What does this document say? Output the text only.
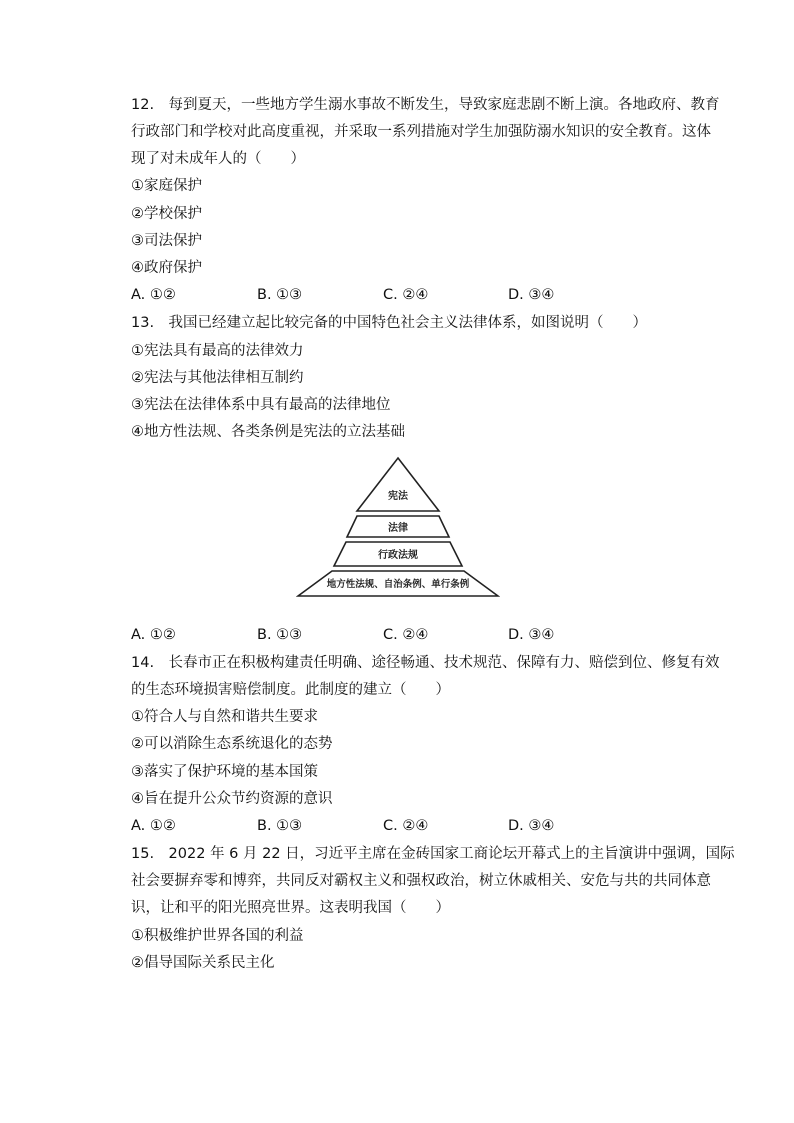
12.　每到夏天，一些地方学生溺水事故不断发生，导致家庭悲剧不断上演。各地政府、教育
行政部门和学校对此高度重视，并采取一系列措施对学生加强防溺水知识的安全教育。这体
现了对未成年人的（　　）
①家庭保护
②学校保护
③司法保护
④政府保护
A. ①②	B. ①③	C. ②④	D. ③④
13.　我国已经建立起比较完备的中国特色社会主义法律体系，如图说明（　　）
①宪法具有最高的法律效力
②宪法与其他法律相互制约
③宪法在法律体系中具有最高的法律地位
④地方性法规、各类条例是宪法的立法基础
宪法
法律
行政法规
地方性法规、自治条例、单行条例
A. ①②	B. ①③	C. ②④	D. ③④
14.　长春市正在积极构建责任明确、途径畅通、技术规范、保障有力、赔偿到位、修复有效
的生态环境损害赔偿制度。此制度的建立（　　）
①符合人与自然和谐共生要求
②可以消除生态系统退化的态势
③落实了保护环境的基本国策
④旨在提升公众节约资源的意识
A. ①②	B. ①③	C. ②④	D. ③④
15.　2022 年 6 月 22 日，习近平主席在金砖国家工商论坛开幕式上的主旨演讲中强调，国际
社会要摒弃零和博弈，共同反对霸权主义和强权政治，树立休戚相关、安危与共的共同体意
识，让和平的阳光照亮世界。这表明我国（　　）
①积极维护世界各国的利益
②倡导国际关系民主化
